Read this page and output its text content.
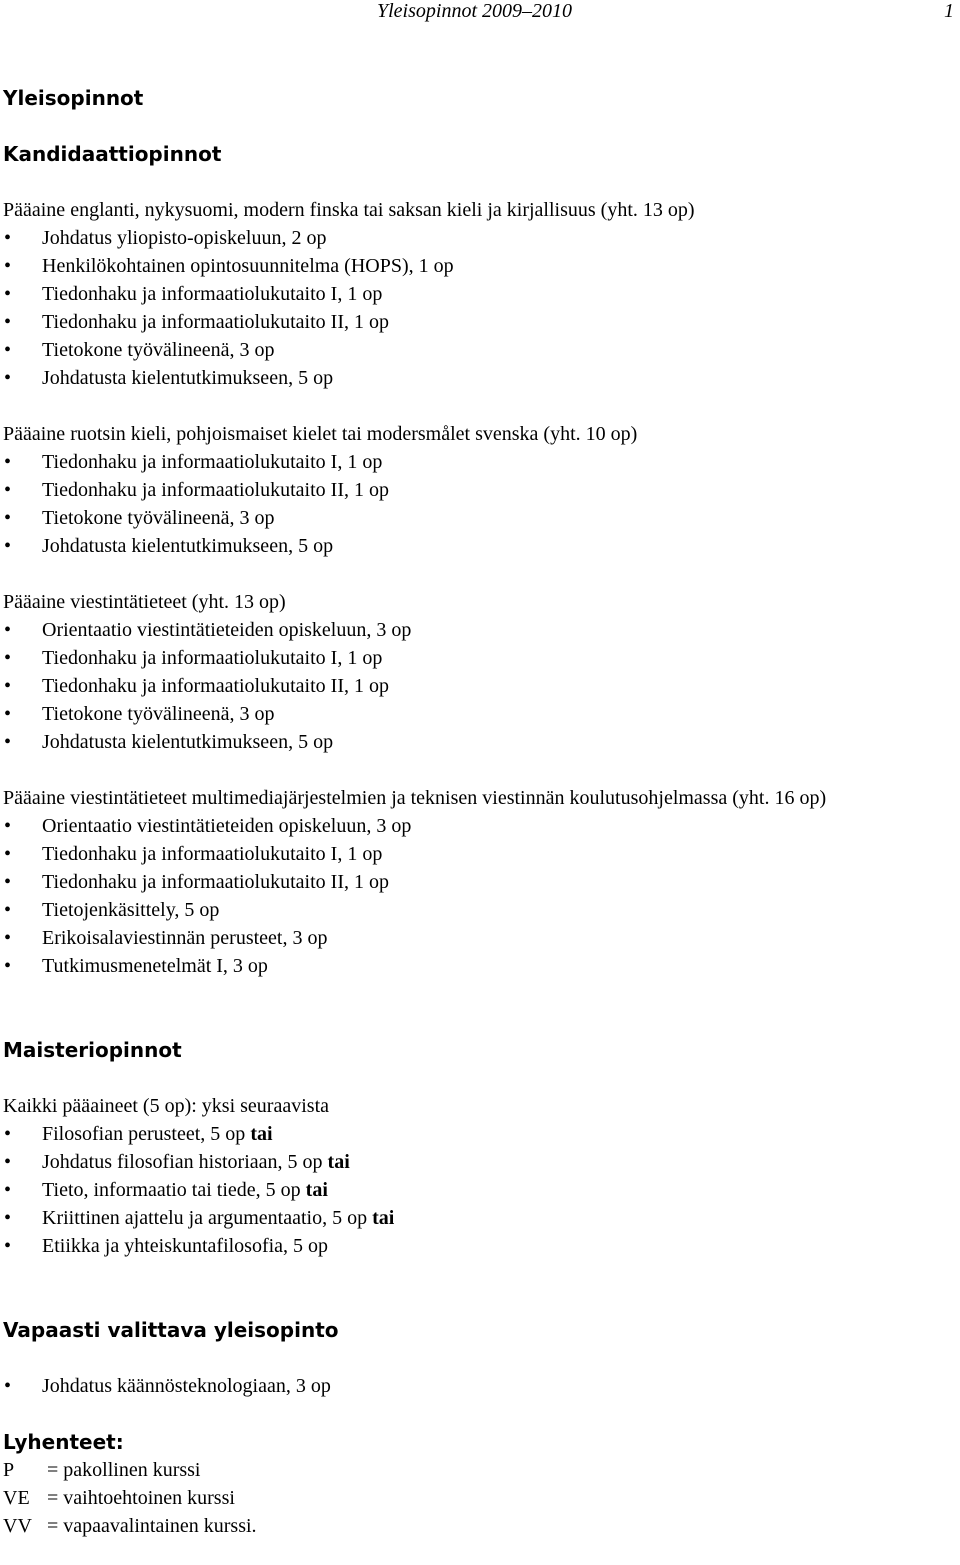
Yleisopinnot 2009–2010	1
Yleisopinnot
Kandidaattiopinnot

Pääaine englanti, nykysuomi, modern finska tai saksan kieli ja kirjallisuus (yht. 13 op)

• Johdatus yliopisto-opiskeluun, 2 op
• Henkilökohtainen opintosuunnitelma (HOPS), 1 op
• Tiedonhaku ja informaatiolukutaito I, 1 op
• Tiedonhaku ja informaatiolukutaito II, 1 op
• Tietokone työvälineenä, 3 op
• Johdatusta kielentutkimukseen, 5 op

Pääaine ruotsin kieli, pohjoismaiset kielet tai modersmålet svenska (yht. 10 op)

• Tiedonhaku ja informaatiolukutaito I, 1 op
• Tiedonhaku ja informaatiolukutaito II, 1 op
• Tietokone työvälineenä, 3 op
• Johdatusta kielentutkimukseen, 5 op

Pääaine viestintätieteet (yht. 13 op)

• Orientaatio viestintätieteiden opiskeluun, 3 op
• Tiedonhaku ja informaatiolukutaito I, 1 op
• Tiedonhaku ja informaatiolukutaito II, 1 op
• Tietokone työvälineenä, 3 op
• Johdatusta kielentutkimukseen, 5 op

Pääaine viestintätieteet multimediajärjestelmien ja teknisen viestinnän koulutusohjelmassa (yht. 16 op)

• Orientaatio viestintätieteiden opiskeluun, 3 op
• Tiedonhaku ja informaatiolukutaito I, 1 op
• Tiedonhaku ja informaatiolukutaito II, 1 op
• Tietojenkäsittely, 5 op
• Erikoisalaviestinnän perusteet, 3 op
• Tutkimusmenetelmät I, 3 op
Maisteriopinnot

Kaikki pääaineet (5 op): yksi seuraavista

• Filosofian perusteet, 5 op tai
• Johdatus filosofian historiaan, 5 op tai
• Tieto, informaatio tai tiede, 5 op tai
• Kriittinen ajattelu ja argumentaatio, 5 op tai
• Etiikka ja yhteiskuntafilosofia, 5 op
Vapaasti valittava yleisopinto
• Johdatus käännösteknologiaan, 3 op
Lyhenteet:
P	= pakollinen kurssi
VE = vaihtoehtoinen kurssi
VV = vapaavalintainen kurssi.
